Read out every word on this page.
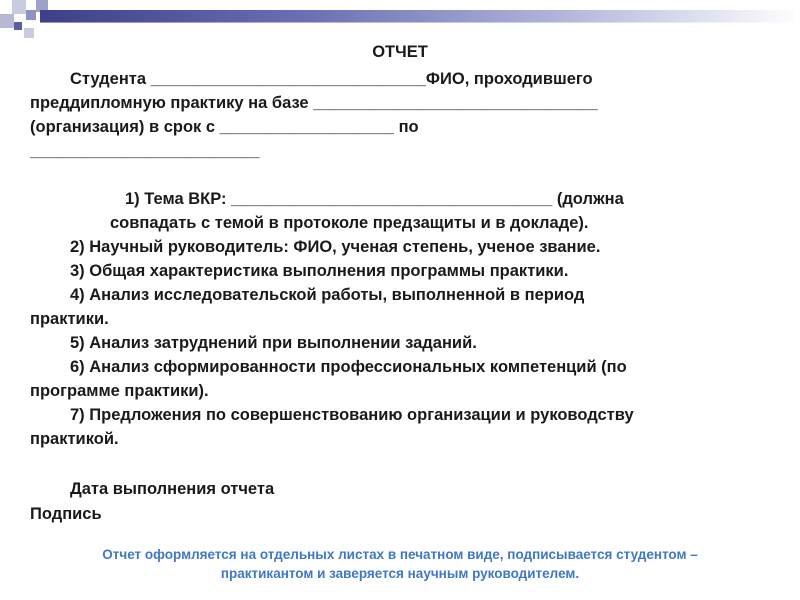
ОТЧЕТ

Студента ______________________________ФИО, проходившего

преддипломную практику на базе _______________________________

(организация) в срок с ___________________ по

_________________________

1) Тема ВКР: ___________________________________ (должна

совпадать с темой в протоколе предзащиты и в докладе).

2) Научный руководитель: ФИО, ученая степень, ученое звание.

3) Общая характеристика выполнения программы практики.

4) Анализ исследовательской работы, выполненной в период

практики.

5) Анализ затруднений при выполнении заданий.

6) Анализ сформированности профессиональных компетенций (по

программе практики).

7) Предложения по совершенствованию организации и руководству

практикой.

Дата выполнения отчета

Подпись

Отчет оформляется на отдельных листах в печатном виде, подписывается студентом –
практикантом и заверяется научным руководителем.
